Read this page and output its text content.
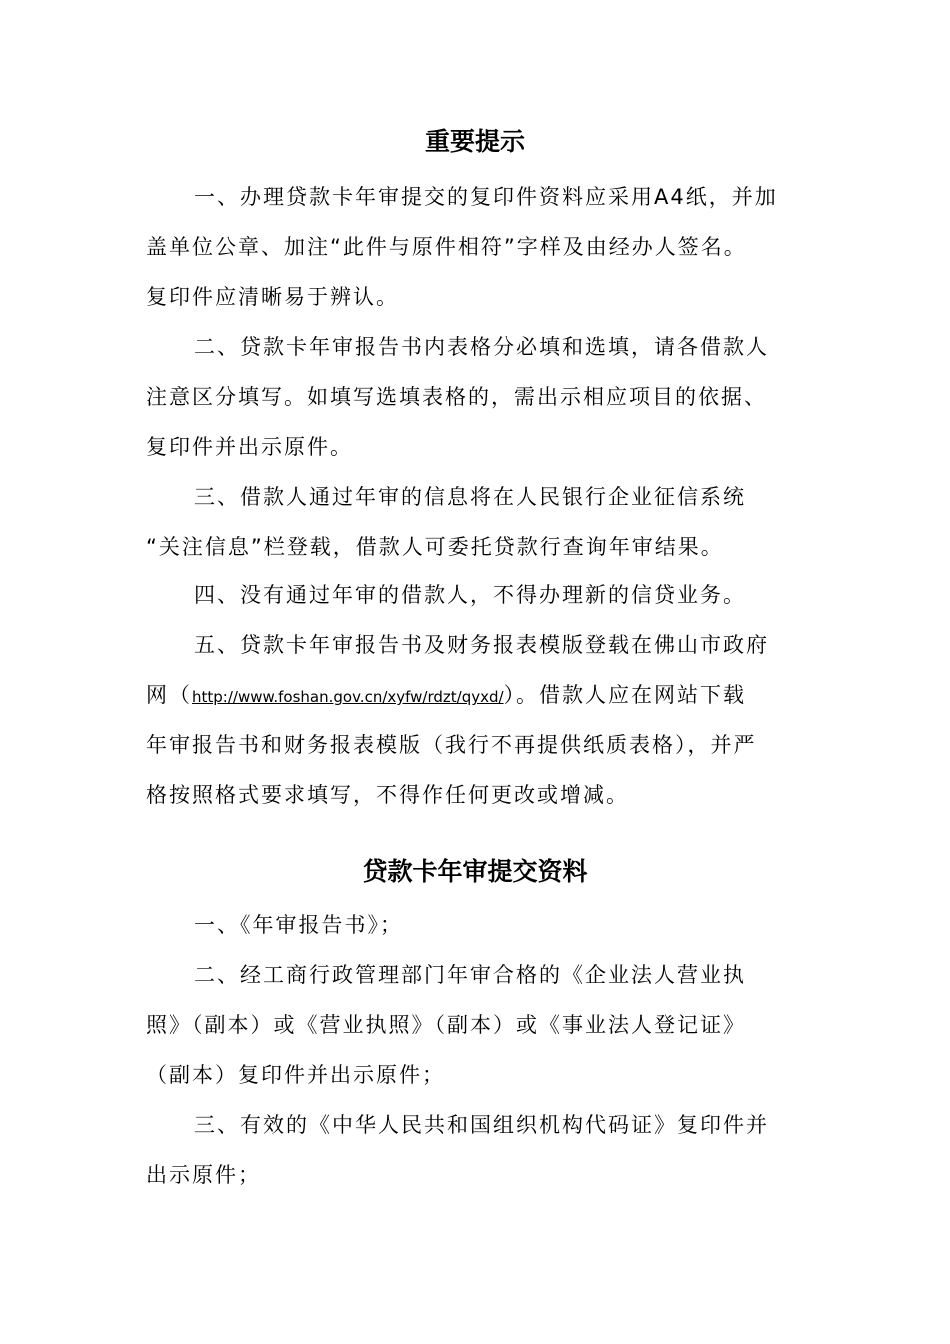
重要提示
一、办理贷款卡年审提交的复印件资料应采用A4纸，并加
盖单位公章、加注“此件与原件相符”字样及由经办人签名。
复印件应清晰易于辨认。
二、贷款卡年审报告书内表格分必填和选填，请各借款人
注意区分填写。如填写选填表格的，需出示相应项目的依据、
复印件并出示原件。
三、借款人通过年审的信息将在人民银行企业征信系统
“关注信息”栏登载，借款人可委托贷款行查询年审结果。
四、没有通过年审的借款人，不得办理新的信贷业务。
五、贷款卡年审报告书及财务报表模版登载在佛山市政府
网（http://www.foshan.gov.cn/xyfw/rdzt/qyxd/）。借款人应在网站下载
年审报告书和财务报表模版（我行不再提供纸质表格），并严
格按照格式要求填写，不得作任何更改或增减。
贷款卡年审提交资料
一、《年审报告书》；
二、经工商行政管理部门年审合格的《企业法人营业执
照》（副本）或《营业执照》（副本）或《事业法人登记证》
（副本）复印件并出示原件；
三、有效的《中华人民共和国组织机构代码证》复印件并
出示原件；
